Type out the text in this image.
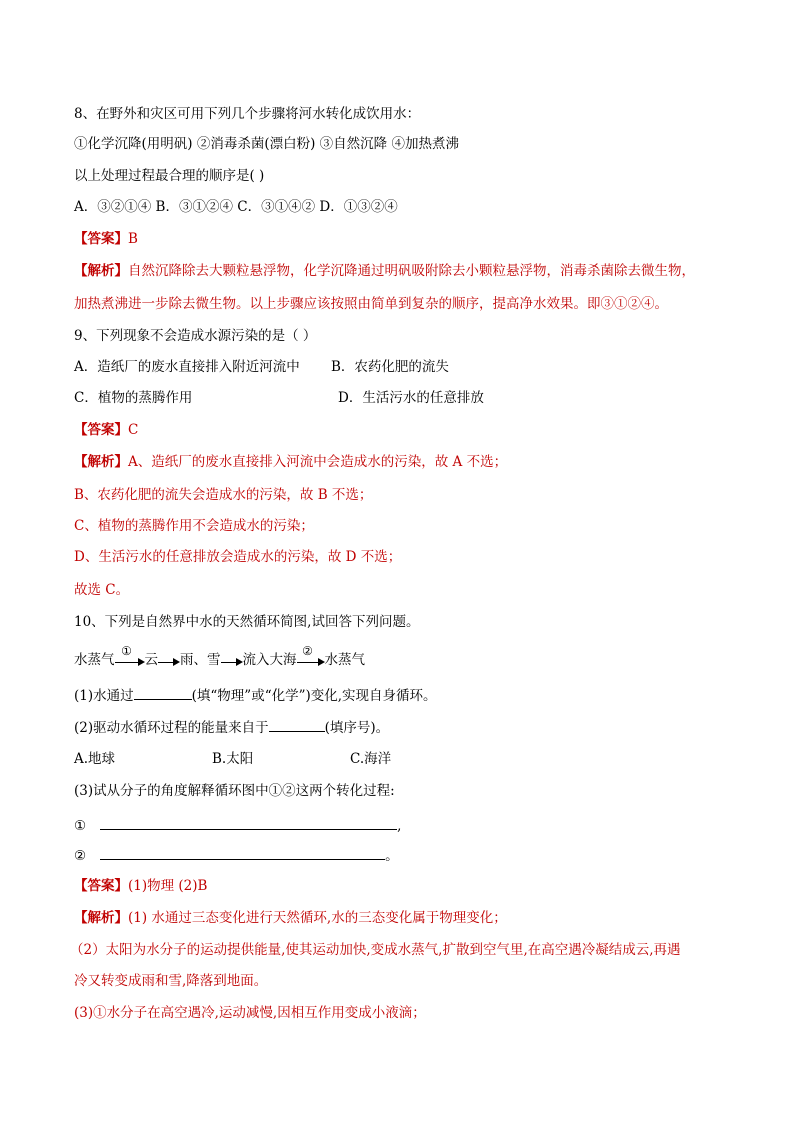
8、在野外和灾区可用下列几个步骤将河水转化成饮用水：
①化学沉降(用明矾) ②消毒杀菌(漂白粉) ③自然沉降 ④加热煮沸
以上处理过程最合理的顺序是( )
A．③②①④ B．③①②④ C．③①④② D．①③②④
【答案】B
【解析】自然沉降除去大颗粒悬浮物，化学沉降通过明矾吸附除去小颗粒悬浮物，消毒杀菌除去微生物，
加热煮沸进一步除去微生物。以上步骤应该按照由简单到复杂的顺序，提高净水效果。即③①②④。
9、下列现象不会造成水源污染的是（ ）
A．造纸厂的废水直接排入附近河流中 B．农药化肥的流失
C．植物的蒸腾作用	D．生活污水的任意排放
【答案】C
【解析】A、造纸厂的废水直接排入河流中会造成水的污染，故 A 不选；
B、农药化肥的流失会造成水的污染，故 B 不选；
C、植物的蒸腾作用不会造成水的污染；
D、生活污水的任意排放会造成水的污染，故 D 不选；
故选 C。
10、下列是自然界中水的天然循环简图,试回答下列问题。
水蒸气
①
云 雨、雪 流入大海
②
水蒸气
(1)水通过	(填“物理”或“化学”)变化,实现自身循环。
(2)驱动水循环过程的能量来自于	(填序号)。
A.地球	B.太阳	C.海洋
(3)试从分子的角度解释循环图中①②这两个转化过程:
①	,
②	。
【答案】(1)物理 (2)B
【解析】(1) 水通过三态变化进行天然循环,水的三态变化属于物理变化；
（2）太阳为水分子的运动提供能量,使其运动加快,变成水蒸气,扩散到空气里,在高空遇冷凝结成云,再遇
冷又转变成雨和雪,降落到地面。
(3)①水分子在高空遇冷,运动减慢,因相互作用变成小液滴；
